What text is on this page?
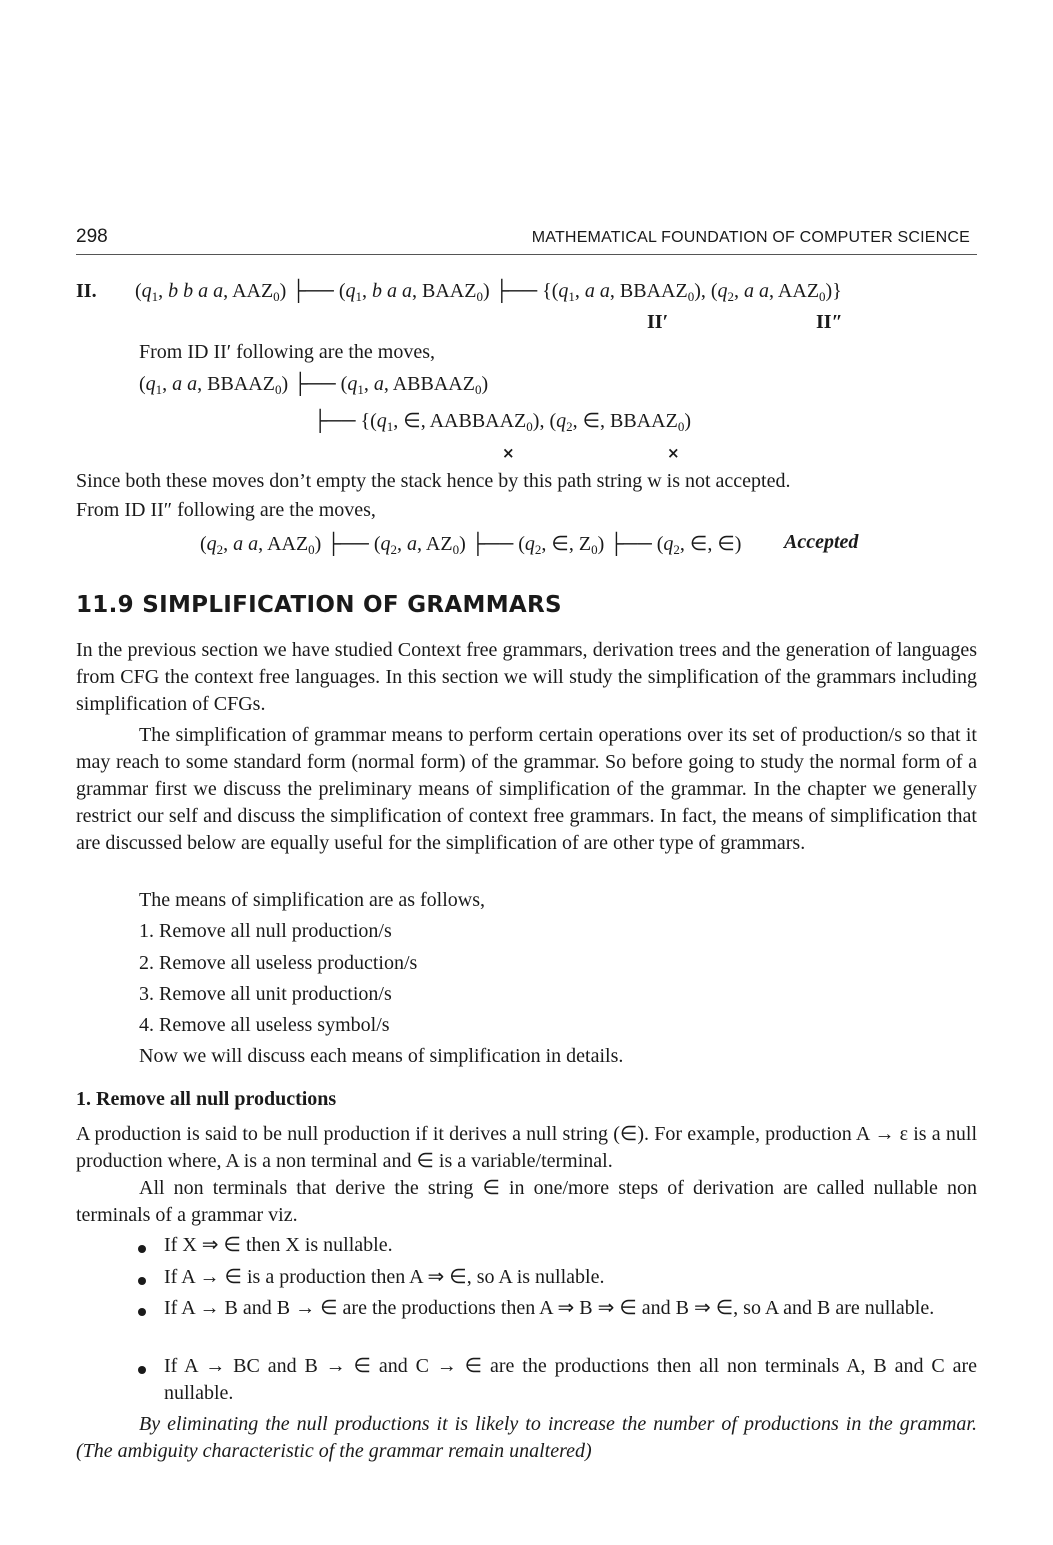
298	MATHEMATICAL FOUNDATION OF COMPUTER SCIENCE
II. ($q_1$, b b a a, $AAZ_0$) ├── ($q_1$, b a a, $BAAZ_0$) ├── {($q_1$, a a, $BBAAZ_0$), ($q_2$, a a, $AAZ_0$)}
II′	II″
From ID II′ following are the moves,
($q_1$, a a, $BBAAZ_0$) ├── ($q_1$, a, $ABBAAZ_0$)
├── {($q_1$, ∈, $AABBAAZ_0$), ($q_2$, ∈, $BBAAZ_0$)
×	×
Since both these moves don’t empty the stack hence by this path string w is not accepted.
From ID II″ following are the moves,
($q_2$, a a, $AAZ_0$) ├── ($q_2$, a, $AZ_0$) ├── ($q_2$, ∈, $Z_0$) ├── ($q_2$, ∈, ∈) Accepted
11.9 SIMPLIFICATION OF GRAMMARS
In the previous section we have studied Context free grammars, derivation trees and the generation of languages from CFG the context free languages. In this section we will study the simplification of the grammars including simplification of CFGs.
The simplification of grammar means to perform certain operations over its set of production/s so that it may reach to some standard form (normal form) of the grammar. So before going to study the normal form of a grammar first we discuss the preliminary means of simplification of the grammar. In the chapter we generally restrict our self and discuss the simplification of context free grammars. In fact, the means of simplification that are discussed below are equally useful for the simplification of are other type of grammars.
The means of simplification are as follows,
1. Remove all null production/s
2. Remove all useless production/s
3. Remove all unit production/s
4. Remove all useless symbol/s
Now we will discuss each means of simplification in details.
1. Remove all null productions
A production is said to be null production if it derives a null string (∈). For example, production A → ε is a null production where, A is a non terminal and ∈ is a variable/terminal.
All non terminals that derive the string ∈ in one/more steps of derivation are called nullable non terminals of a grammar viz.
If X ⇒ ∈ then X is nullable.
If A → ∈ is a production then A ⇒ ∈, so A is nullable.
If A → B and B → ∈ are the productions then A ⇒ B ⇒ ∈ and B ⇒ ∈, so A and B are nullable.
If A → BC and B → ∈ and C → ∈ are the productions then all non terminals A, B and C are nullable.
By eliminating the null productions it is likely to increase the number of productions in the grammar. (The ambiguity characteristic of the grammar remain unaltered)
